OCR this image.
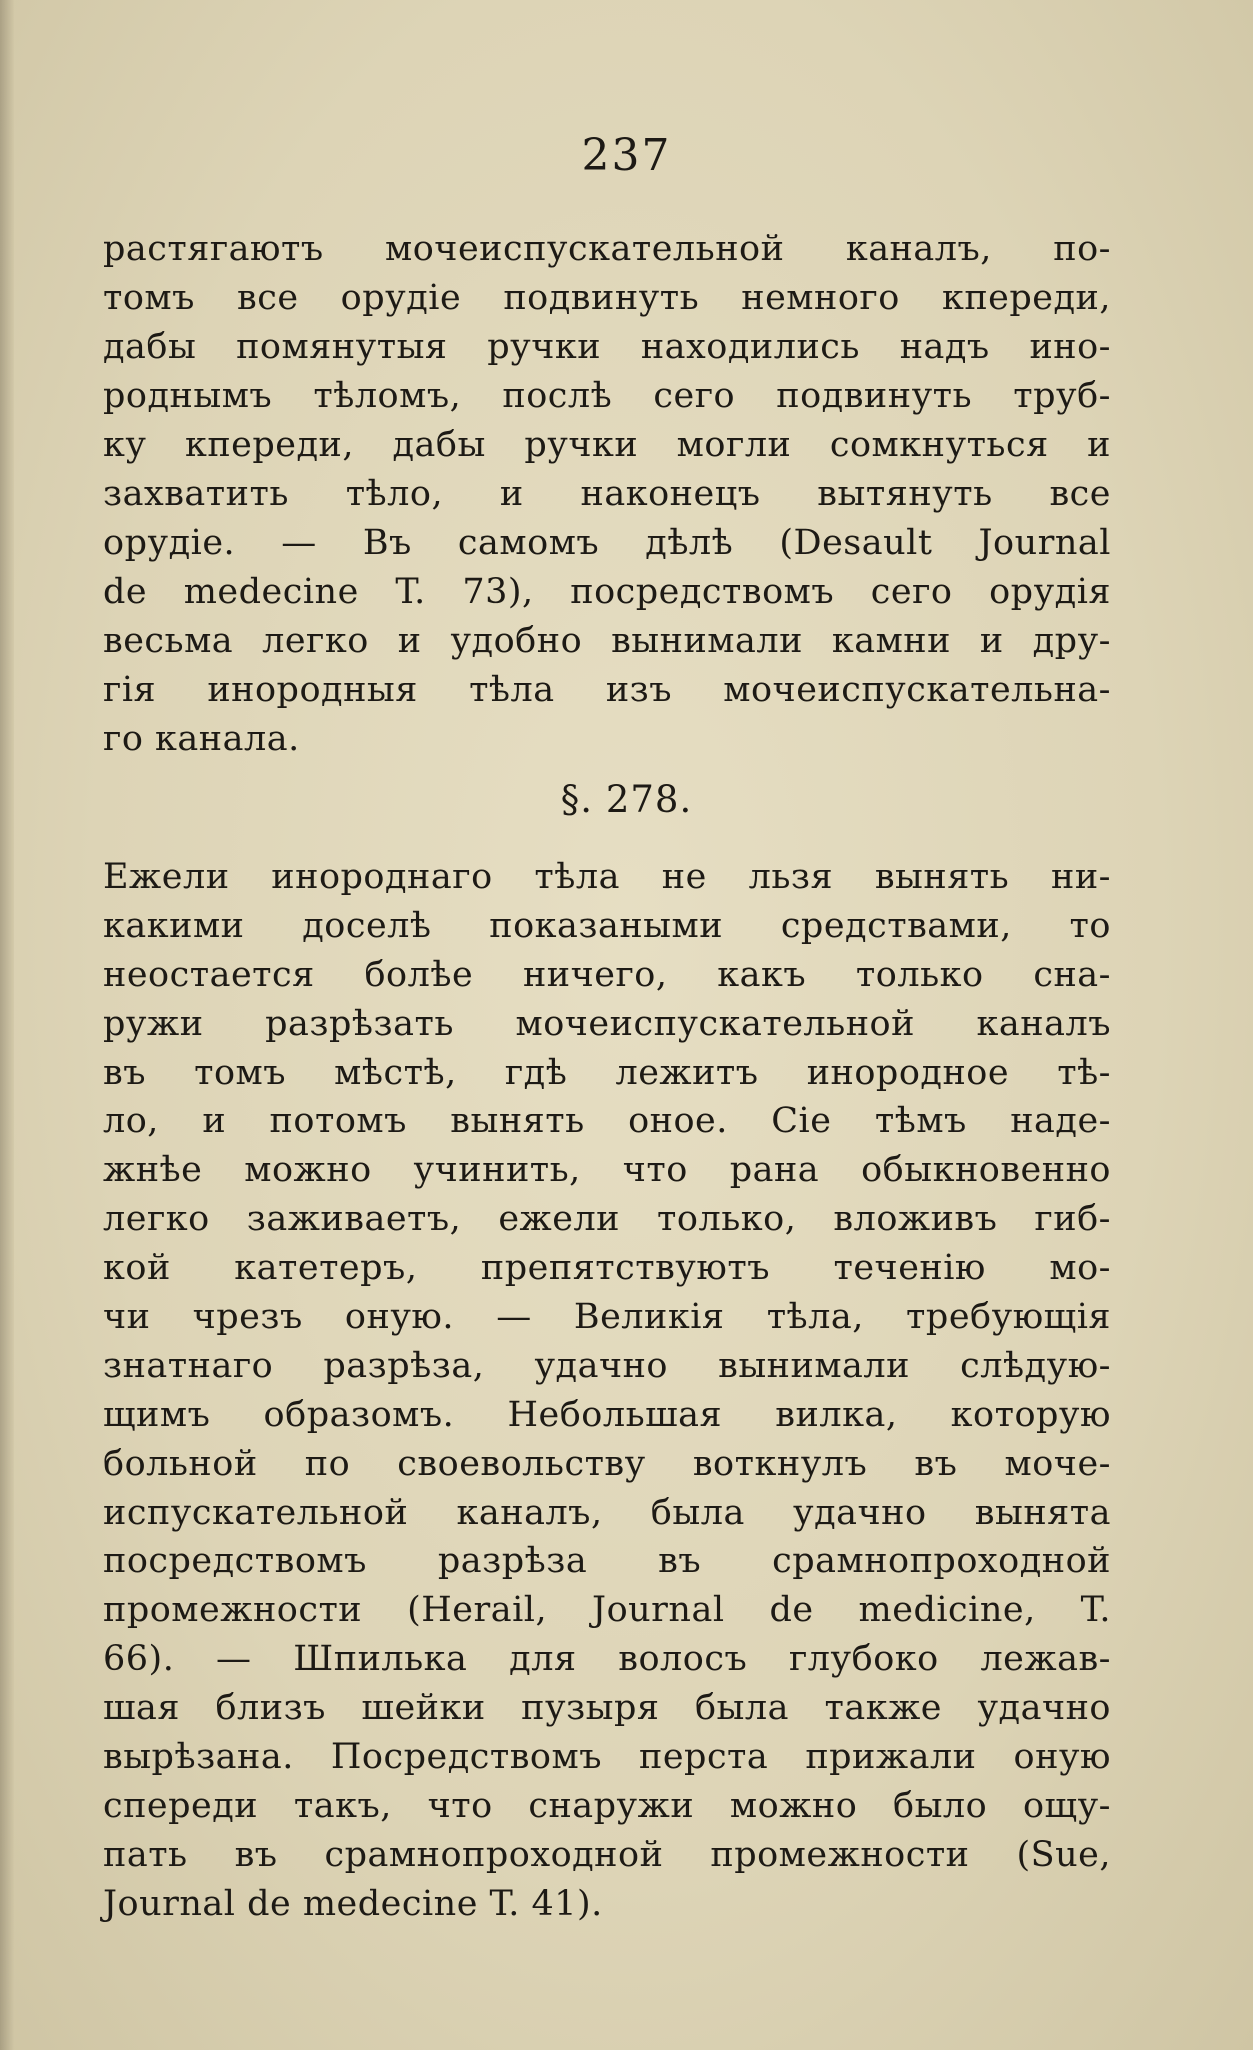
237
растягаютъ мочеиспускательной каналъ, по-
томъ все орудіе подвинуть немного кпереди,
дабы помянутыя ручки находились надъ ино-
роднымъ тѣломъ, послѣ сего подвинуть труб-
ку кпереди, дабы ручки могли сомкнуться и
захватить тѣло, и наконецъ вытянуть все
орудіе. — Въ самомъ дѣлѣ (Desault Journal
de medecine T. 73), посредствомъ сего орудія
весьма легко и удобно вынимали камни и дру-
гія инородныя тѣла изъ мочеиспускательна-
го канала.
§. 278.
Ежели инороднаго тѣла не льзя вынять ни-
какими доселѣ показаными средствами, то
неостается болѣе ничего, какъ только сна-
ружи разрѣзать мочеиспускательной каналъ
въ томъ мѣстѣ, гдѣ лежитъ инородное тѣ-
ло, и потомъ вынять оное. Сіе тѣмъ наде-
жнѣе можно учинить, что рана обыкновенно
легко заживаетъ, ежели только, вложивъ гиб-
кой катетеръ, препятствуютъ теченію мо-
чи чрезъ оную. — Великія тѣла, требующія
знатнаго разрѣза, удачно вынимали слѣдую-
щимъ образомъ. Небольшая вилка, которую
больной по своевольству воткнулъ въ моче-
испускательной каналъ, была удачно вынята
посредствомъ разрѣза въ срамнопроходной
промежности (Herail, Journal de medicine, T.
66). — Шпилька для волосъ глубоко лежав-
шая близъ шейки пузыря была также удачно
вырѣзана. Посредствомъ перста прижали оную
спереди такъ, что снаружи можно было ощу-
пать въ срамнопроходной промежности (Sue,
Journal de medecine T. 41).
